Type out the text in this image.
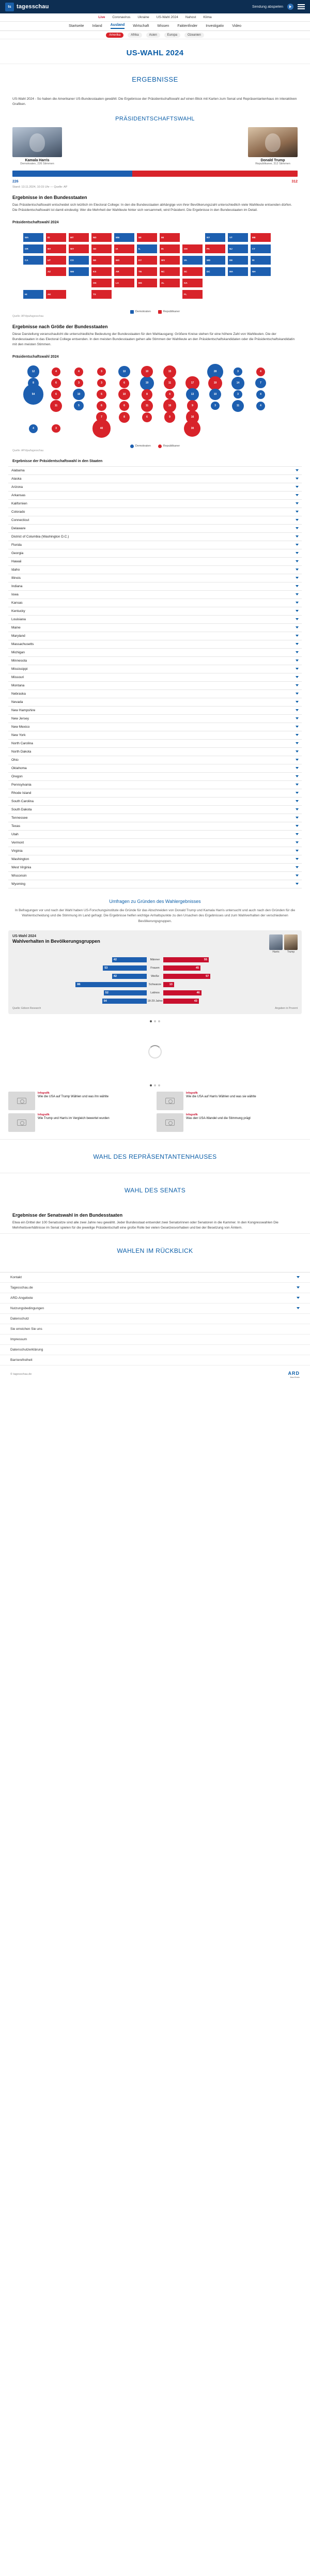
ts tagesschau	Sendung abspielen
Live Coronavirus Ukraine US-Wahl 2024 Nahost Klima
Startseite Inland Ausland Wirtschaft Wissen Faktenfinder Investigativ Video
Amerika	Afrika	Asien	Europa	Ozeanien
US-WAHL 2024
ERGEBNISSE

US-Wahl 2024 - So haben die Amerikaner US-Bundesstaaten gewählt: Die Ergebnisse der Präsidentschaftswahl auf einen Blick mit Karten zum Senat und Repräsentantenhaus im interaktiven Grafiken.

PRÄSIDENTSCHAFTSWAHL
Kamala Harris
Demokraten, 226 Stimmen
Donald Trump
Republikaner, 312 Stimmen
226	312
Stand: 13.11.2024, 10:15 Uhr — Quelle: AP
Ergebnisse in den Bundesstaaten

Das Präsidentschaftswahl entscheidet sich letztlich im Electoral College: In den die Bundesstaaten abhängige von ihrer Bevölkerungszahl unterschiedlich viele Wahlleute entsenden dürfen. Die Präsidentschaftswahl ist damit eindeutig: Wer die Mehrheit der Wahlleute hinter sich versammelt, wird Präsident. Die Ergebnisse in den Bundesstaaten im Detail.

Präsidentschaftswahl 2024
WA	ID	MT	ND	MN	WI	MI	NY	VT	ME
OR	NV	WY	SD	IA	IL	IN	OH	PA	NJ	CT
CA	UT	CO	NE	MO	KY	WV	VA	MD	DE	RI
AZ	NM	KS	AR	TN	NC	SC	DC	MA	NH
OK	LA	MS	AL	GA
HI	AK	TX	FL
Demokraten	Republikaner
Quelle: AP/dpa/tagesschau
Ergebnisse nach Größe der Bundesstaaten

Diese Darstellung veranschaulicht die unterschiedliche Bedeutung der Bundesstaaten für den Wahlausgang: Größere Kreise stehen für eine höhere Zahl von Wahlleuten. Die der Bundesstaaten in das Electoral College entsenden. In den meisten Bundesstaaten gehen alle Stimmen der Wahlleute an den Präsidentschaftskandidaten oder die Präsidentschaftskandidatin mit den meisten Stimmen.

Präsidentschaftswahl 2024
54
40	30
28
19
19	17
16
16
15
14
13
12
11
11
11
11
10
10
10
10
10
9
9
8
8
8
7
7
6
6
6
6
6
6
5
5	4
4
4
4
4
4
4
3
3
3
3
3
3
3
Demokraten	Republikaner
Quelle: AP/dpa/tagesschau
Ergebnisse der Präsidentschaftswahl in den Staaten
Alabama
Alaska
Arizona
Arkansas
Kalifornien
Colorado
Connecticut
Delaware
District of Columbia (Washington D.C.)
Florida
Georgia
Hawaii
Idaho
Illinois
Indiana
Iowa
Kansas
Kentucky
Louisiana
Maine
Maryland
Massachusetts
Michigan
Minnesota
Mississippi
Missouri
Montana
Nebraska
Nevada
New Hampshire
New Jersey
New Mexico
New York
North Carolina
North Dakota
Ohio
Oklahoma
Oregon
Pennsylvania
Rhode Island
South Carolina
South Dakota
Tennessee
Texas
Utah
Vermont
Virginia
Washington
West Virginia
Wisconsin
Wyoming
Umfragen zu Gründen des Wahlergebnisses
In Befragungen vor und nach der Wahl haben US-Forschungsinstitute die Gründe für das Abschneiden von Donald Trump und Kamala Harris untersucht und auch nach den Gründen für die Wahlentscheidung und die Stimmung im Land gefragt. Die Ergebnisse helfen wichtige Anhaltspunkte zu den Ursachen des Ergebnisses und zum Wahlverhalten der verschiedenen Bevölkerungsgruppen.
US-Wahl 2024
Wahlverhalten in Bevölkerungsgruppen
Harris	Trump
42	Männer	55
53	Frauen	45
42	Weiße	57
86	Schwarze	13
52	Latinos	46
54	18-29 Jahre	43
Quelle: Edison Research	Angaben in Prozent
Infografik
Wie die USA auf Trump Wählen und was ihn wählte
Infografik
Wie die USA auf Harris Wählen und was sie wählte
Infografik
Wie Trump und Harris im Vergleich bewertet wurden
Infografik
Was den USA-Wandel und die Stimmung prägt
WAHL DES REPRÄSENTANTENHAUSES
WAHL DES SENATS
Ergebnisse der Senatswahl in den Bundesstaaten

Etwa ein Drittel der 100 Senatssitze sind alle zwei Jahre neu gewählt. Jeder Bundesstaat entsendet zwei Senatorinnen oder Senatoren in die Kammer. In den Kongresswahlen Die Mehrheitsverhältnisse im Senat spielen für die jeweilige Präsidentschaft eine große Rolle bei vielen Gesetzesvorhaben und bei der Besetzung von Ämtern.

WAHLEN IM RÜCKBLICK
Kontakt
Tagesschau.de
ARD-Angebote
Nutzungsbedingungen
Datenschutz
Sie erreichen Sie uns
Impressum
Datenschutzerklärung
Barrierefreiheit
© tagesschau.de	ARD
Das Erste
